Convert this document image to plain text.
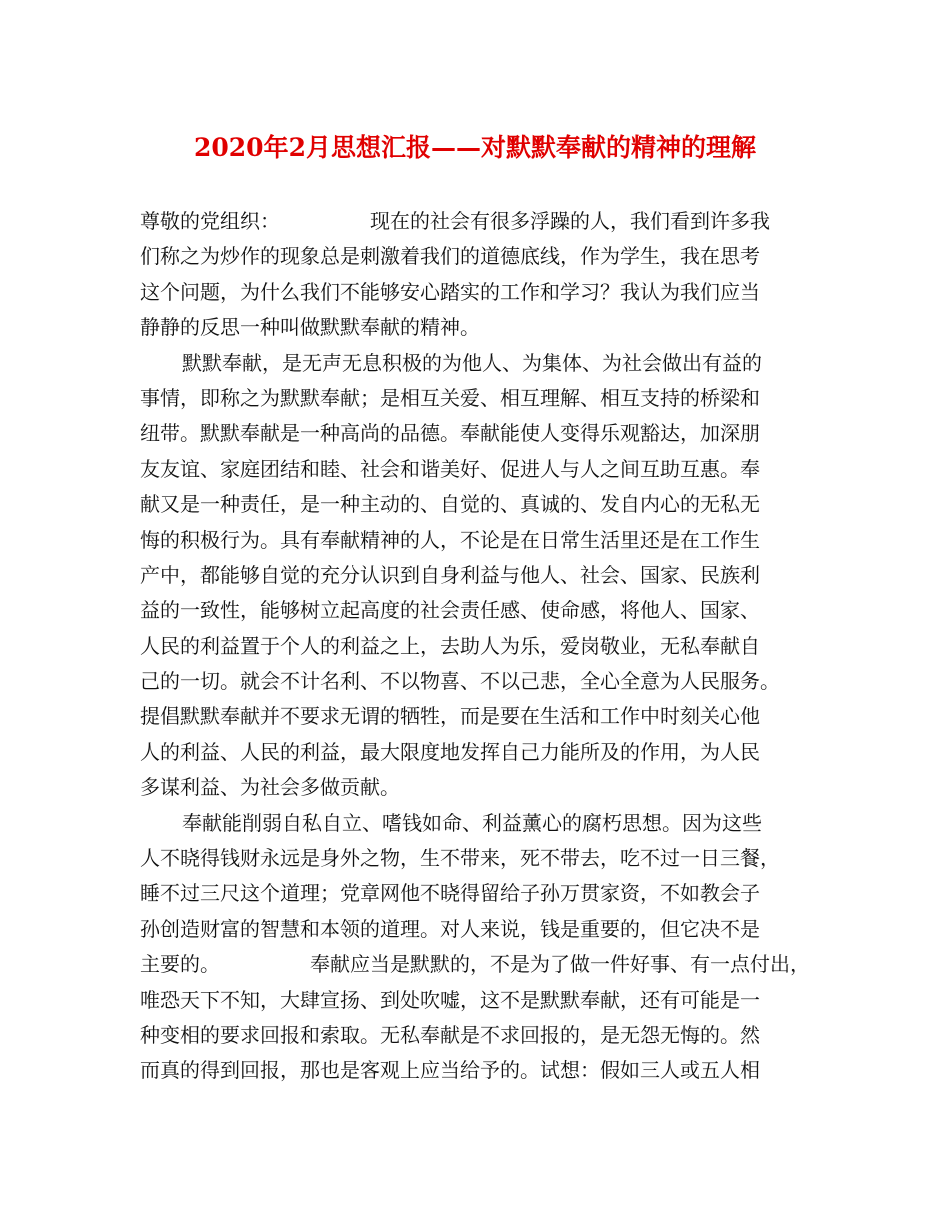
2020年2月思想汇报——对默默奉献的精神的理解
尊敬的党组织：	现在的社会有很多浮躁的人，我们看到许多我
们称之为炒作的现象总是刺激着我们的道德底线，作为学生，我在思考
这个问题，为什么我们不能够安心踏实的工作和学习？我认为我们应当
静静的反思一种叫做默默奉献的精神。
默默奉献，是无声无息积极的为他人、为集体、为社会做出有益的
事情，即称之为默默奉献；是相互关爱、相互理解、相互支持的桥梁和
纽带。默默奉献是一种高尚的品德。奉献能使人变得乐观豁达，加深朋
友友谊、家庭团结和睦、社会和谐美好、促进人与人之间互助互惠。奉
献又是一种责任，是一种主动的、自觉的、真诚的、发自内心的无私无
悔的积极行为。具有奉献精神的人，不论是在日常生活里还是在工作生
产中，都能够自觉的充分认识到自身利益与他人、社会、国家、民族利
益的一致性，能够树立起高度的社会责任感、使命感，将他人、国家、
人民的利益置于个人的利益之上，去助人为乐，爱岗敬业，无私奉献自
己的一切。就会不计名利、不以物喜、不以己悲，全心全意为人民服务。
提倡默默奉献并不要求无谓的牺牲，而是要在生活和工作中时刻关心他
人的利益、人民的利益，最大限度地发挥自己力能所及的作用，为人民
多谋利益、为社会多做贡献。
奉献能削弱自私自立、嗜钱如命、利益薰心的腐朽思想。因为这些
人不晓得钱财永远是身外之物，生不带来，死不带去，吃不过一日三餐，
睡不过三尺这个道理；党章网他不晓得留给子孙万贯家资，不如教会子
孙创造财富的智慧和本领的道理。对人来说，钱是重要的，但它决不是
主要的。	奉献应当是默默的，不是为了做一件好事、有一点付出，
唯恐天下不知，大肆宣扬、到处吹嘘，这不是默默奉献，还有可能是一
种变相的要求回报和索取。无私奉献是不求回报的，是无怨无悔的。然
而真的得到回报，那也是客观上应当给予的。试想：假如三人或五人相
